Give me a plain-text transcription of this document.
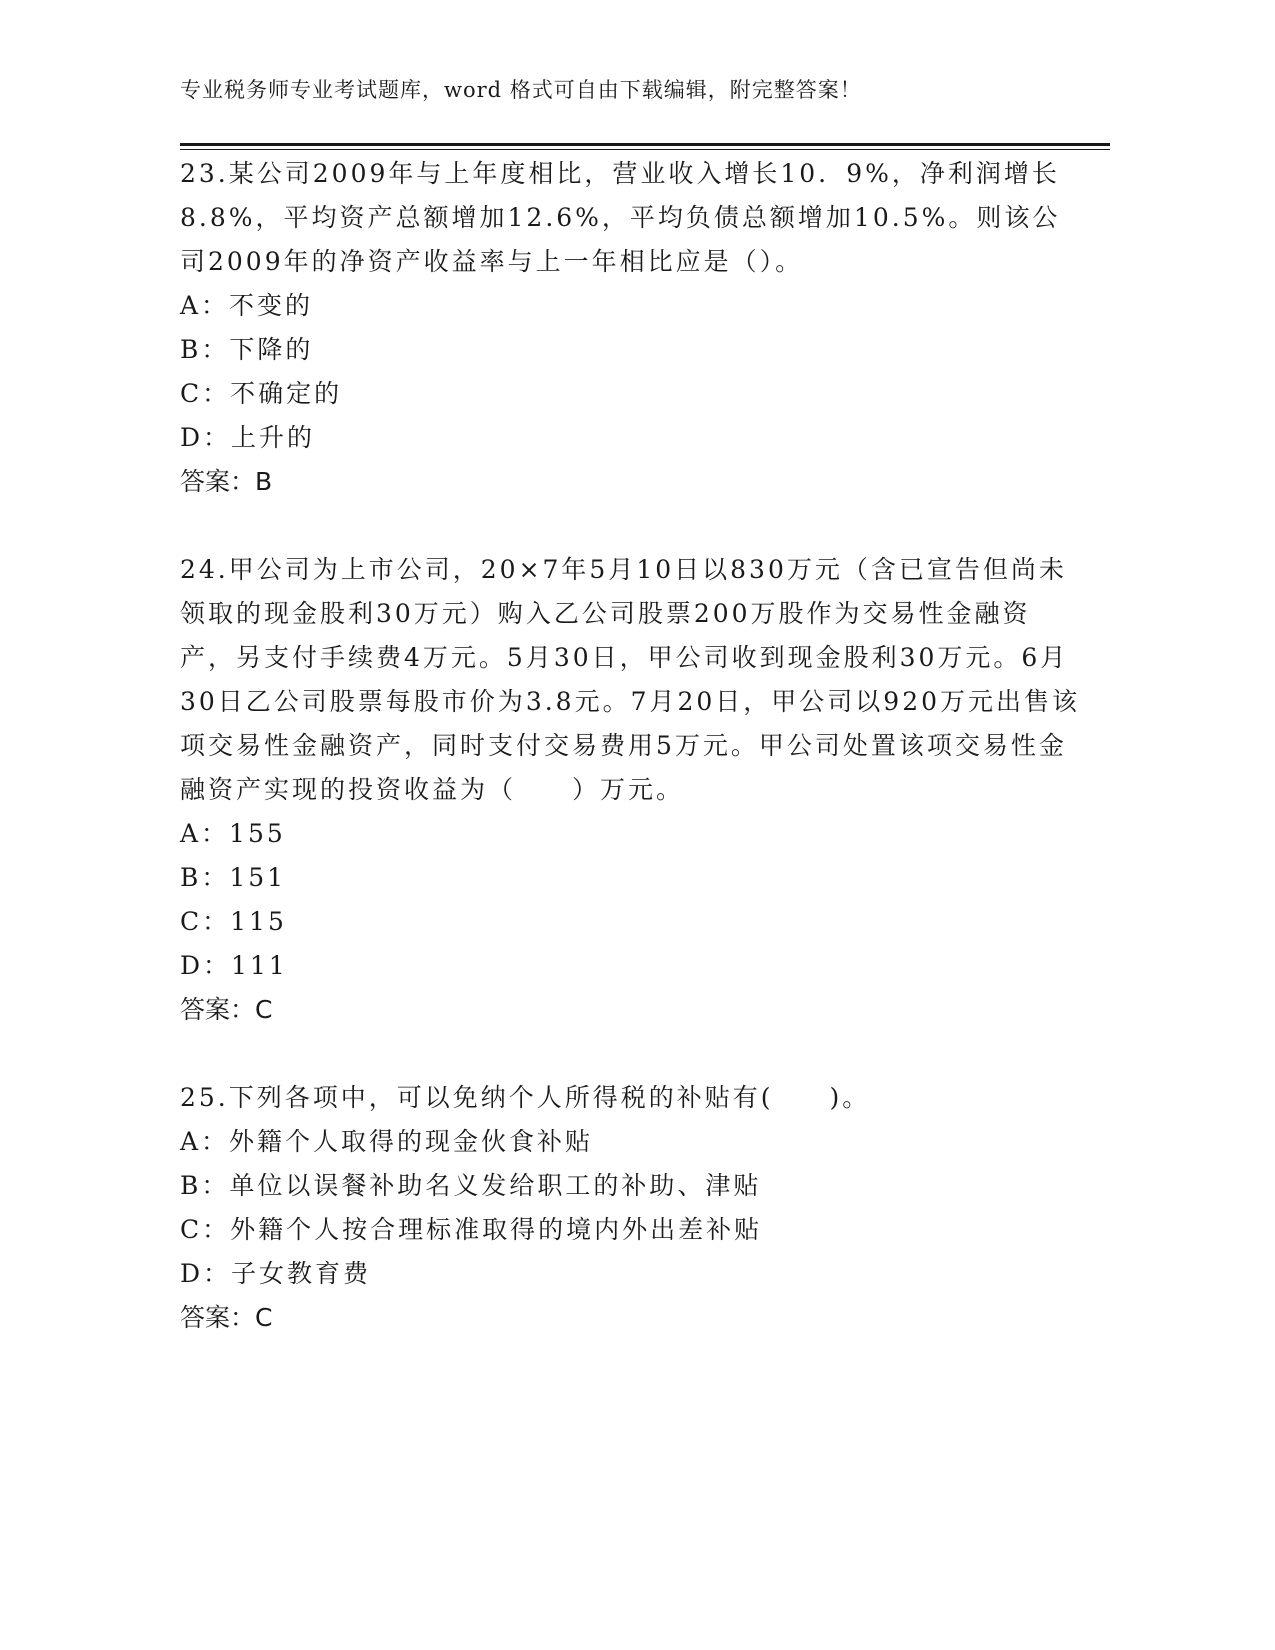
专业税务师专业考试题库，word 格式可自由下载编辑，附完整答案！

23.某公司2009年与上年度相比，营业收入增长10．9%，净利润增长8.8%，平均资产总额增加12.6%，平均负债总额增加10.5%。则该公司2009年的净资产收益率与上一年相比应是（）。

A：不变的

B：下降的

C：不确定的

D：上升的

答案：B

24.甲公司为上市公司，20×7年5月10日以830万元（含已宣告但尚未领取的现金股利30万元）购入乙公司股票200万股作为交易性金融资产，另支付手续费4万元。5月30日，甲公司收到现金股利30万元。6月30日乙公司股票每股市价为3.8元。7月20日，甲公司以920万元出售该项交易性金融资产，同时支付交易费用5万元。甲公司处置该项交易性金融资产实现的投资收益为（　　）万元。

A：155

B：151

C：115

D：111

答案：C

25.下列各项中，可以免纳个人所得税的补贴有(　　)。

A：外籍个人取得的现金伙食补贴

B：单位以误餐补助名义发给职工的补助、津贴

C：外籍个人按合理标准取得的境内外出差补贴

D：子女教育费

答案：C
